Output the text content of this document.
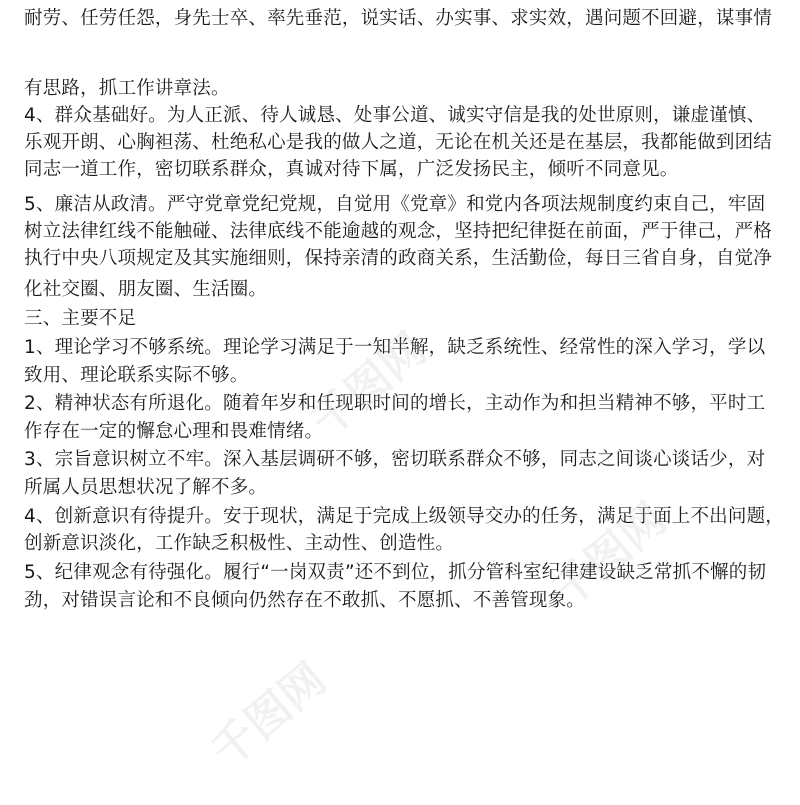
耐劳、任劳任怨，身先士卒、率先垂范，说实话、办实事、求实效，遇问题不回避，谋事情
有思路，抓工作讲章法。
4、群众基础好。为人正派、待人诚恳、处事公道、诚实守信是我的处世原则，谦虚谨慎、
乐观开朗、心胸袒荡、杜绝私心是我的做人之道，无论在机关还是在基层，我都能做到团结
同志一道工作，密切联系群众，真诚对待下属，广泛发扬民主，倾听不同意见。
5、廉洁从政清。严守党章党纪党规，自觉用《党章》和党内各项法规制度约束自己，牢固
树立法律红线不能触碰、法律底线不能逾越的观念，坚持把纪律挺在前面，严于律己，严格
执行中央八项规定及其实施细则，保持亲清的政商关系，生活勤俭，每日三省自身，自觉净
化社交圈、朋友圈、生活圈。
三、主要不足
1、理论学习不够系统。理论学习满足于一知半解，缺乏系统性、经常性的深入学习，学以
致用、理论联系实际不够。
2、精神状态有所退化。随着年岁和任现职时间的增长，主动作为和担当精神不够，平时工
作存在一定的懈怠心理和畏难情绪。
3、宗旨意识树立不牢。深入基层调研不够，密切联系群众不够，同志之间谈心谈话少，对
所属人员思想状况了解不多。
4、创新意识有待提升。安于现状，满足于完成上级领导交办的任务，满足于面上不出问题，
创新意识淡化，工作缺乏积极性、主动性、创造性。
5、纪律观念有待强化。履行“一岗双责”还不到位，抓分管科室纪律建设缺乏常抓不懈的韧
劲，对错误言论和不良倾向仍然存在不敢抓、不愿抓、不善管现象。
千图网
千图网
千图网
